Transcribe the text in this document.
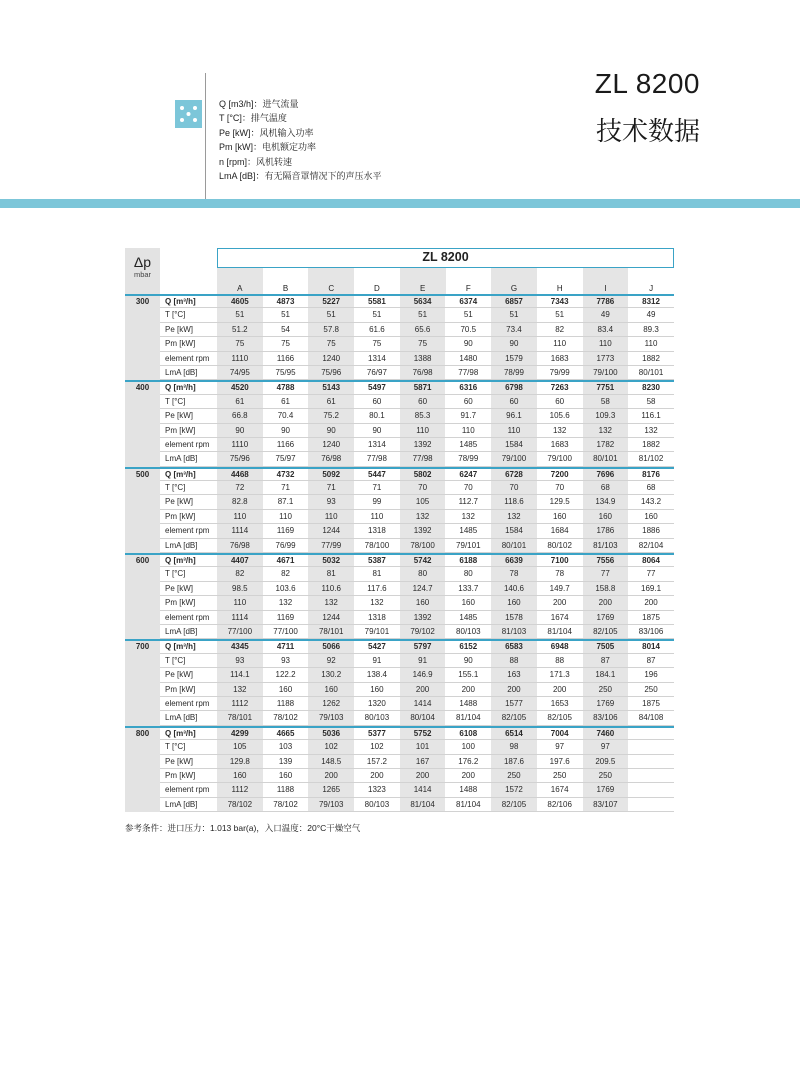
Q [m3/h]：进气流量
T [°C]：排气温度
Pe [kW]：风机输入功率
Pm [kW]：电机额定功率
n [rpm]：风机转速
LmA [dB]：有无隔音罩情况下的声压水平
ZL 8200
技术数据
Δp
mbar
ZL 8200
A	B	C	D	E	F	G	H	I	J
300	Q [m³/h]	4605	4873	5227	5581	5634	6374	6857	7343	7786	8312
T [°C]	51	51	51	51	51	51	51	51	49	49
Pe [kW]	51.2	54	57.8	61.6	65.6	70.5	73.4	82	83.4	89.3
Pm [kW]	75	75	75	75	75	90	90	110	110	110
element rpm	1110	1166	1240	1314	1388	1480	1579	1683	1773	1882
LmA [dB]	74/95	75/95	75/96	76/97	76/98	77/98	78/99	79/99	79/100	80/101
400	Q [m³/h]	4520	4788	5143	5497	5871	6316	6798	7263	7751	8230
T [°C]	61	61	61	60	60	60	60	60	58	58
Pe [kW]	66.8	70.4	75.2	80.1	85.3	91.7	96.1	105.6	109.3	116.1
Pm [kW]	90	90	90	90	110	110	110	132	132	132
element rpm	1110	1166	1240	1314	1392	1485	1584	1683	1782	1882
LmA [dB]	75/96	75/97	76/98	77/98	77/98	78/99	79/100	79/100	80/101	81/102
500	Q [m³/h]	4468	4732	5092	5447	5802	6247	6728	7200	7696	8176
T [°C]	72	71	71	71	70	70	70	70	68	68
Pe [kW]	82.8	87.1	93	99	105	112.7	118.6	129.5	134.9	143.2
Pm [kW]	110	110	110	110	132	132	132	160	160	160
element rpm	1114	1169	1244	1318	1392	1485	1584	1684	1786	1886
LmA [dB]	76/98	76/99	77/99	78/100	78/100	79/101	80/101	80/102	81/103	82/104
600	Q [m³/h]	4407	4671	5032	5387	5742	6188	6639	7100	7556	8064
T [°C]	82	82	81	81	80	80	78	78	77	77
Pe [kW]	98.5	103.6	110.6	117.6	124.7	133.7	140.6	149.7	158.8	169.1
Pm [kW]	110	132	132	132	160	160	160	200	200	200
element rpm	1114	1169	1244	1318	1392	1485	1578	1674	1769	1875
LmA [dB]	77/100	77/100	78/101	79/101	79/102	80/103	81/103	81/104	82/105	83/106
700	Q [m³/h]	4345	4711	5066	5427	5797	6152	6583	6948	7505	8014
T [°C]	93	93	92	91	91	90	88	88	87	87
Pe [kW]	114.1	122.2	130.2	138.4	146.9	155.1	163	171.3	184.1	196
Pm [kW]	132	160	160	160	200	200	200	200	250	250
element rpm	1112	1188	1262	1320	1414	1488	1577	1653	1769	1875
LmA [dB]	78/101	78/102	79/103	80/103	80/104	81/104	82/105	82/105	83/106	84/108
800	Q [m³/h]	4299	4665	5036	5377	5752	6108	6514	7004	7460
T [°C]	105	103	102	102	101	100	98	97	97
Pe [kW]	129.8	139	148.5	157.2	167	176.2	187.6	197.6	209.5
Pm [kW]	160	160	200	200	200	200	250	250	250
element rpm	1112	1188	1265	1323	1414	1488	1572	1674	1769
LmA [dB]	78/102	78/102	79/103	80/103	81/104	81/104	82/105	82/106	83/107
参考条件：进口压力：1.013 bar(a)，入口温度：20°C干燥空气
